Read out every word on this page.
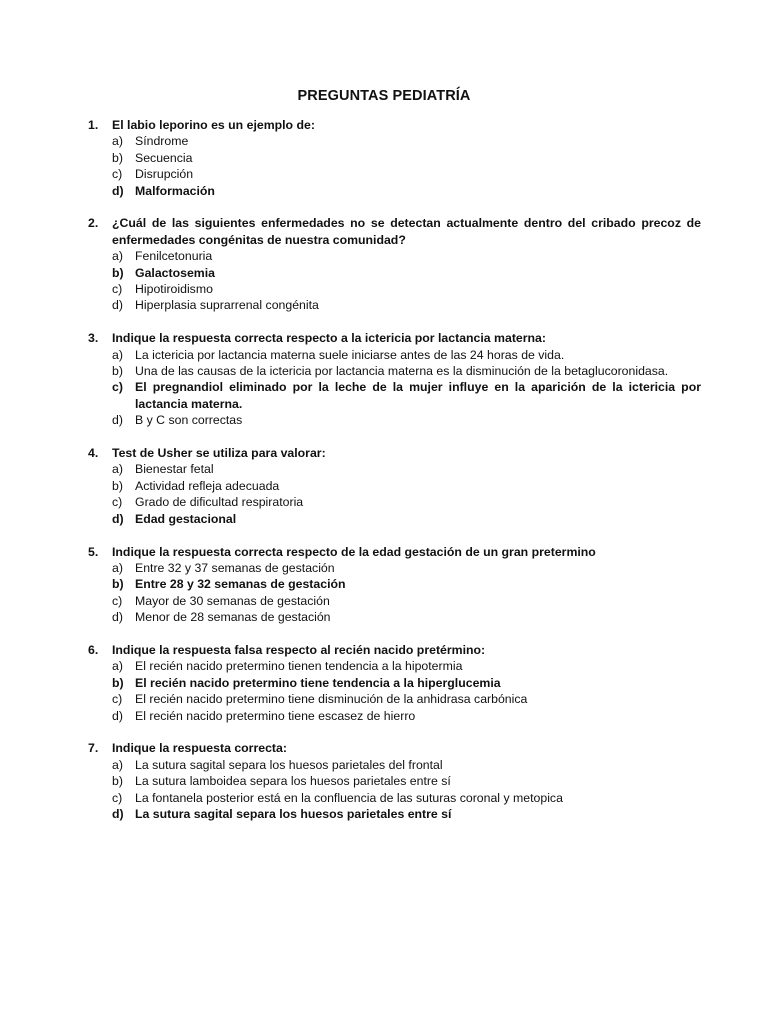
PREGUNTAS PEDIATRÍA
1.	El labio leporino es un ejemplo de:
a) Síndrome
b) Secuencia
c)	Disrupción
d) Malformación
2.	¿Cuál de las siguientes enfermedades no se detectan actualmente dentro del cribado precoz de enfermedades congénitas de nuestra comunidad?
a) Fenilcetonuria
b) Galactosemia
c)	Hipotiroidismo
d) Hiperplasia suprarrenal congénita
3.	Indique la respuesta correcta respecto a la ictericia por lactancia materna:
a) La ictericia por lactancia materna suele iniciarse antes de las 24 horas de vida.
b) Una de las causas de la ictericia por lactancia materna es la disminución de la betaglucoronidasa.
c) El pregnandiol eliminado por la leche de la mujer influye en la aparición de la ictericia por lactancia materna.
d) B y C son correctas
4.	Test de Usher se utiliza para valorar:
a) Bienestar fetal
b) Actividad refleja adecuada
c)	Grado de dificultad respiratoria
d) Edad gestacional
5.	Indique la respuesta correcta respecto de la edad gestación de un gran pretermino
a) Entre 32 y 37 semanas de gestación
b) Entre 28 y 32 semanas de gestación
c)	Mayor de 30 semanas de gestación
d) Menor de 28 semanas de gestación
6.	Indique la respuesta falsa respecto al recién nacido pretérmino:
a) El recién nacido pretermino tienen tendencia a la hipotermia
b) El recién nacido pretermino tiene tendencia a la hiperglucemia
c)	El recién nacido pretermino tiene disminución de la anhidrasa carbónica
d) El recién nacido pretermino tiene escasez de hierro
7.	Indique la respuesta correcta:
a) La sutura sagital separa los huesos parietales del frontal
b) La sutura lamboidea separa los huesos parietales entre sí
c)	La fontanela posterior está en la confluencia de las suturas coronal y metopica
d) La sutura sagital separa los huesos parietales entre sí
